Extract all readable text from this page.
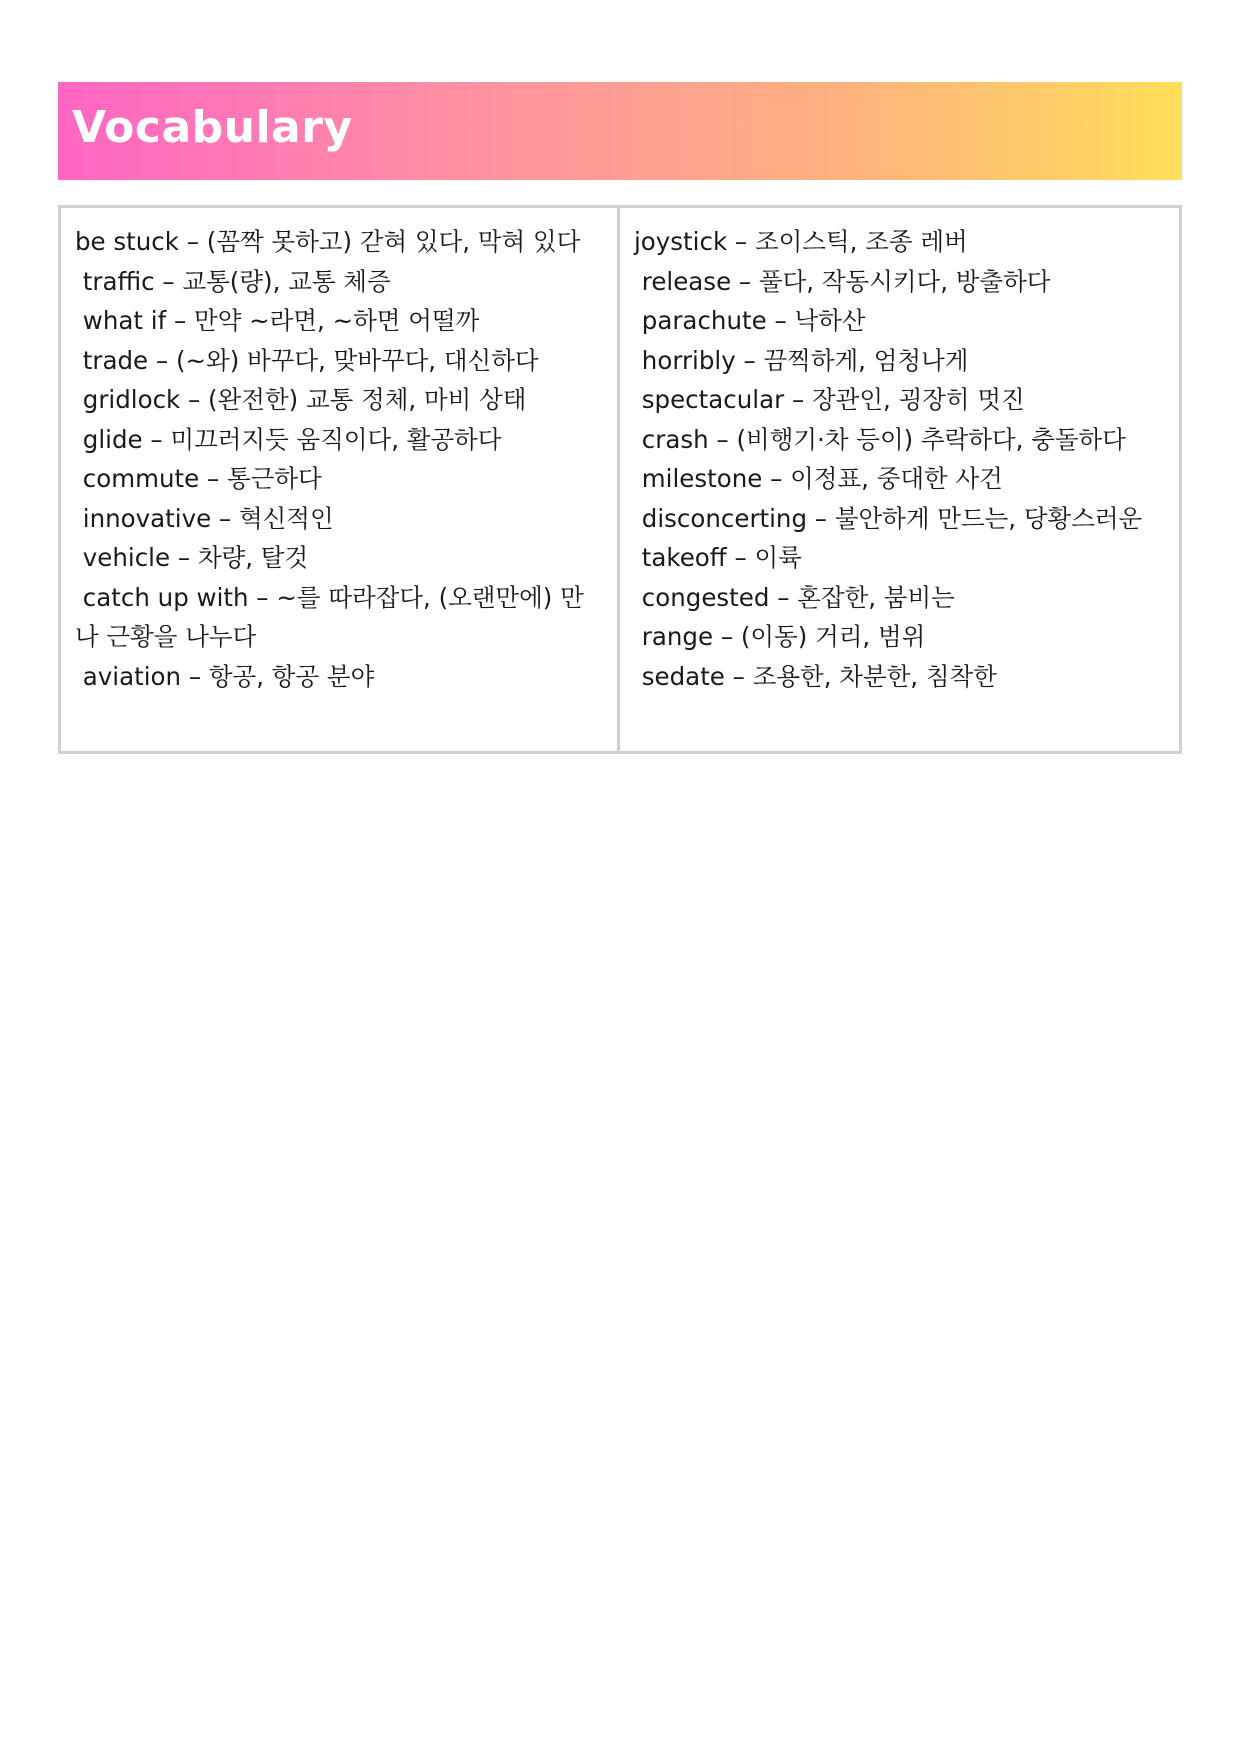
Vocabulary
be stuck – (꼼짝 못하고) 갇혀 있다, 막혀 있다
traffic – 교통(량), 교통 체증
what if – 만약 ~라면, ~하면 어떨까
trade – (~와) 바꾸다, 맞바꾸다, 대신하다
gridlock – (완전한) 교통 정체, 마비 상태
glide – 미끄러지듯 움직이다, 활공하다
commute – 통근하다
innovative – 혁신적인
vehicle – 차량, 탈것
catch up with – ~를 따라잡다, (오랜만에) 만나 근황을 나누다
aviation – 항공, 항공 분야
joystick – 조이스틱, 조종 레버
release – 풀다, 작동시키다, 방출하다
parachute – 낙하산
horribly – 끔찍하게, 엄청나게
spectacular – 장관인, 굉장히 멋진
crash – (비행기·차 등이) 추락하다, 충돌하다
milestone – 이정표, 중대한 사건
disconcerting – 불안하게 만드는, 당황스러운
takeoff – 이륙
congested – 혼잡한, 붐비는
range – (이동) 거리, 범위
sedate – 조용한, 차분한, 침착한
